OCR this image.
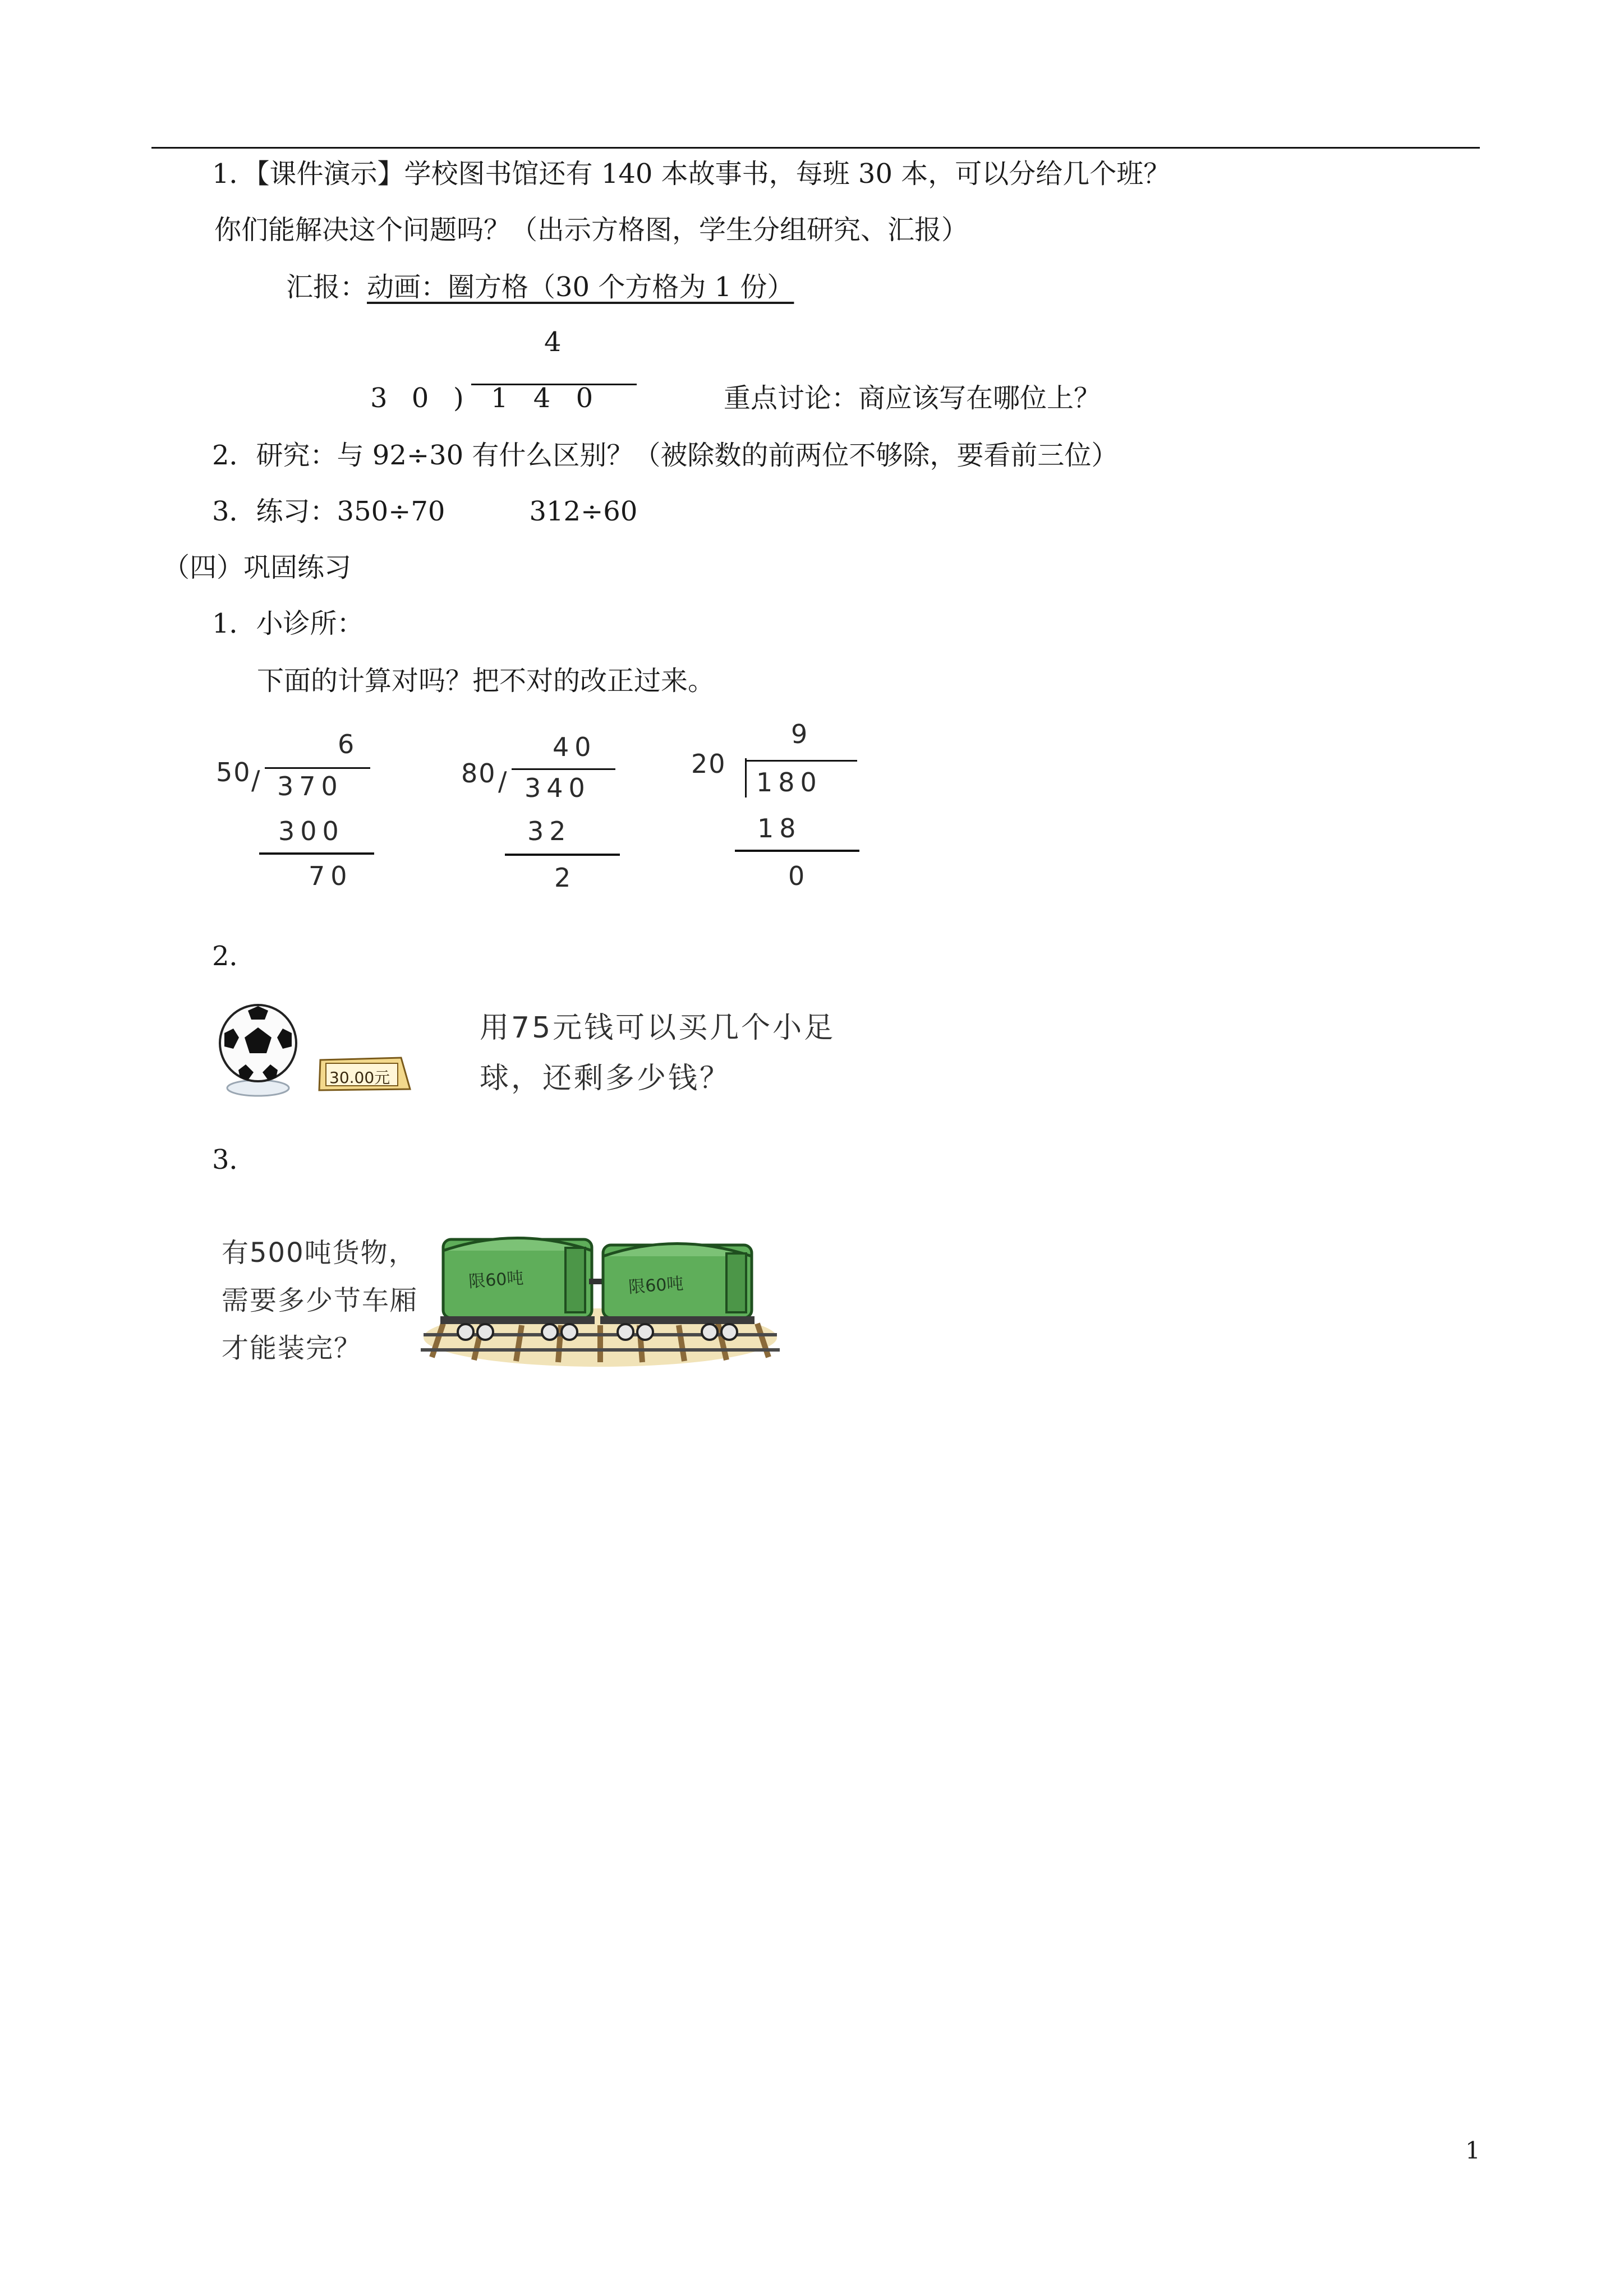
1．【课件演示】学校图书馆还有 140 本故事书，每班 30 本，可以分给几个班？
你们能解决这个问题吗？（出示方格图，学生分组研究、汇报）
汇报：动画：圈方格（30 个方格为 1 份）
4
3 0 ) 1 4 0	重点讨论：商应该写在哪位上？
2．研究：与 92÷30 有什么区别？（被除数的前两位不够除，要看前三位）
3．练习：350÷70	312÷60
（四）巩固练习
1．小诊所：
下面的计算对吗？把不对的改正过来。
50
6
/ 370
300
70
80
40
/ 340
32
2
20
9
180
18
0
2．
30.00元
用75元钱可以买几个小足
球，还剩多少钱？
3．
有500吨货物，
需要多少节车厢
才能装完？
限60吨	限60吨
1
